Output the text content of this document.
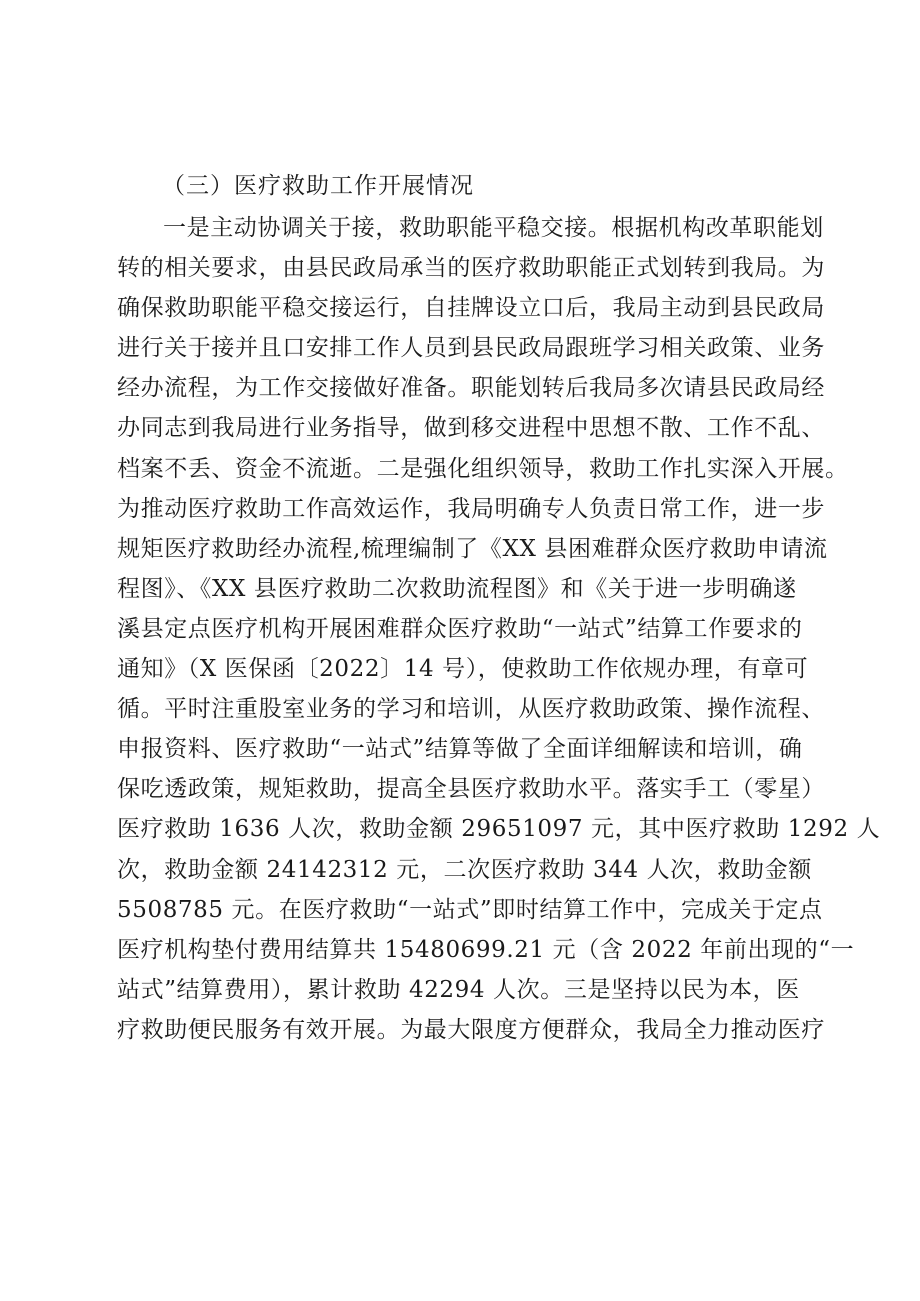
（三）医疗救助工作开展情况
一是主动协调关于接，救助职能平稳交接。根据机构改革职能划
转的相关要求，由县民政局承当的医疗救助职能正式划转到我局。为
确保救助职能平稳交接运行，自挂牌设立口后，我局主动到县民政局
进行关于接并且口安排工作人员到县民政局跟班学习相关政策、业务
经办流程，为工作交接做好准备。职能划转后我局多次请县民政局经
办同志到我局进行业务指导，做到移交进程中思想不散、工作不乱、
档案不丢、资金不流逝。二是强化组织领导，救助工作扎实深入开展。
为推动医疗救助工作高效运作，我局明确专人负责日常工作，进一步
规矩医疗救助经办流程,梳理编制了《XX 县困难群众医疗救助申请流
程图》、《XX 县医疗救助二次救助流程图》和《关于进一步明确遂
溪县定点医疗机构开展困难群众医疗救助“一站式”结算工作要求的
通知》（X 医保函〔2022〕14 号），使救助工作依规办理，有章可
循。平时注重股室业务的学习和培训，从医疗救助政策、操作流程、
申报资料、医疗救助“一站式”结算等做了全面详细解读和培训，确
保吃透政策，规矩救助，提高全县医疗救助水平。落实手工（零星）
医疗救助 1636 人次，救助金额 29651097 元，其中医疗救助 1292 人
次，救助金额 24142312 元，二次医疗救助 344 人次，救助金额
5508785 元。在医疗救助“一站式”即时结算工作中，完成关于定点
医疗机构垫付费用结算共 15480699.21 元（含 2022 年前出现的“一
站式”结算费用），累计救助 42294 人次。三是坚持以民为本，医
疗救助便民服务有效开展。为最大限度方便群众，我局全力推动医疗
